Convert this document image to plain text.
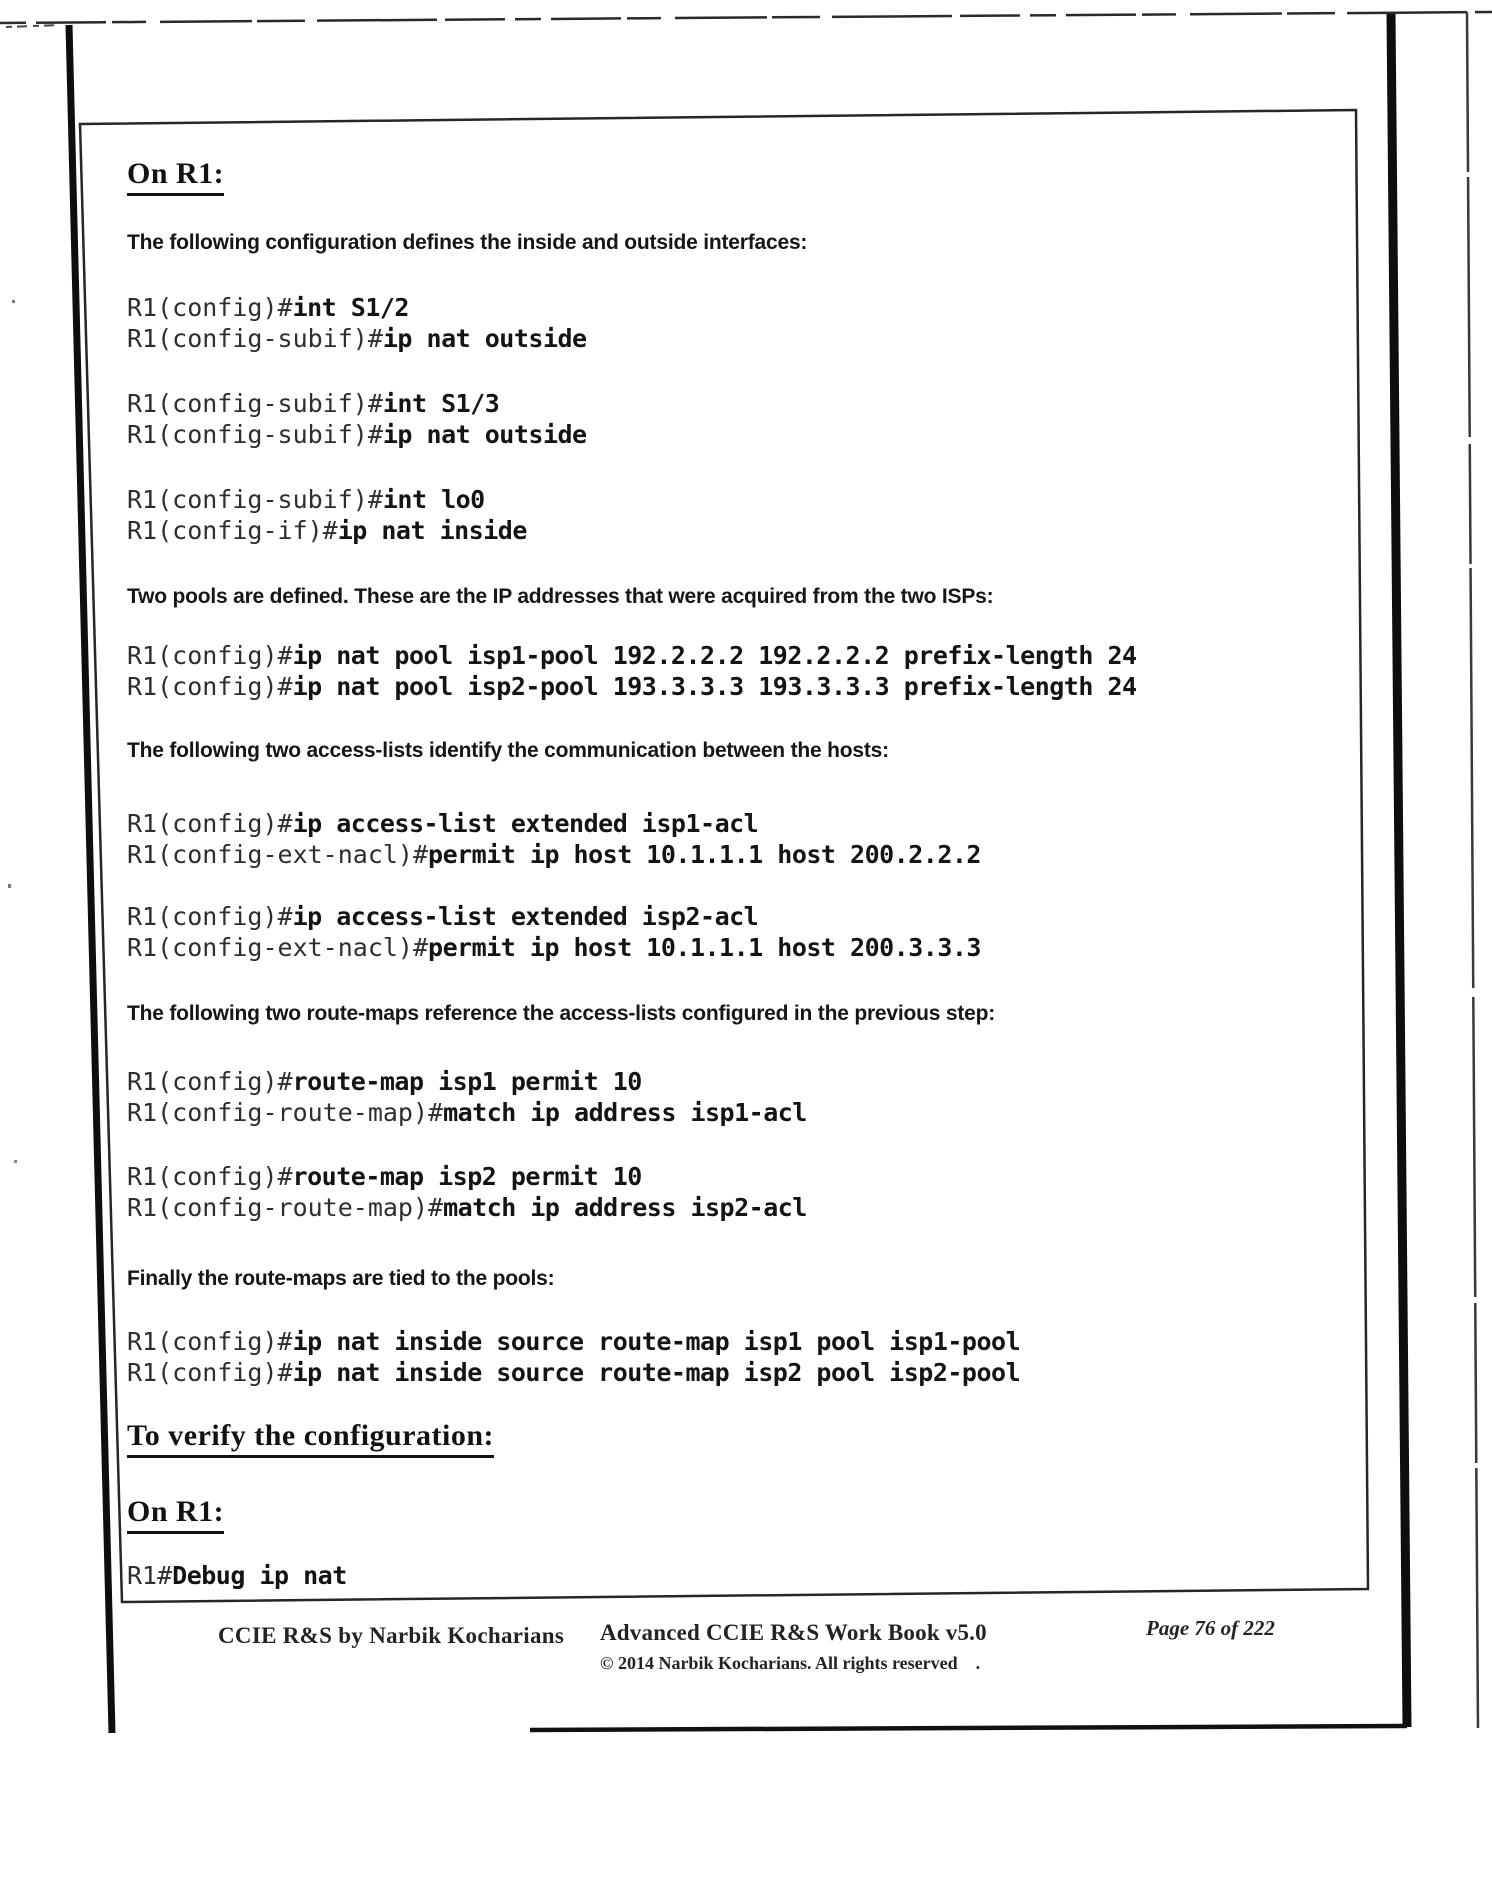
On R1:
The following configuration defines the inside and outside interfaces:
R1(config)#int S1/2
R1(config-subif)#ip nat outside
R1(config-subif)#int S1/3
R1(config-subif)#ip nat outside
R1(config-subif)#int lo0
R1(config-if)#ip nat inside
Two pools are defined. These are the IP addresses that were acquired from the two ISPs:
R1(config)#ip nat pool isp1-pool 192.2.2.2 192.2.2.2 prefix-length 24
R1(config)#ip nat pool isp2-pool 193.3.3.3 193.3.3.3 prefix-length 24
The following two access-lists identify the communication between the hosts:
R1(config)#ip access-list extended isp1-acl
R1(config-ext-nacl)#permit ip host 10.1.1.1 host 200.2.2.2
R1(config)#ip access-list extended isp2-acl
R1(config-ext-nacl)#permit ip host 10.1.1.1 host 200.3.3.3
The following two route-maps reference the access-lists configured in the previous step:
R1(config)#route-map isp1 permit 10
R1(config-route-map)#match ip address isp1-acl
R1(config)#route-map isp2 permit 10
R1(config-route-map)#match ip address isp2-acl
Finally the route-maps are tied to the pools:
R1(config)#ip nat inside source route-map isp1 pool isp1-pool
R1(config)#ip nat inside source route-map isp2 pool isp2-pool
To verify the configuration:
On R1:
R1#Debug ip nat
CCIE R&S by Narbik Kocharians Advanced CCIE R&S Work Book v5.0
© 2014 Narbik Kocharians. All rights reserved    .
Page 76 of 222
